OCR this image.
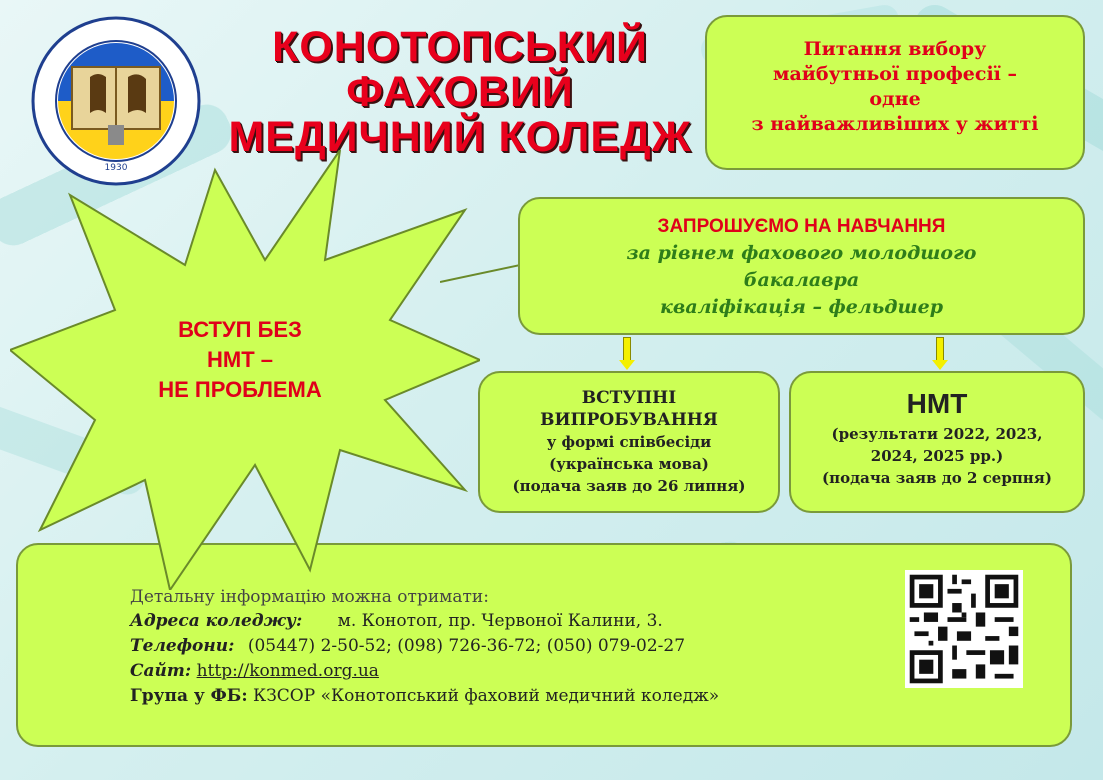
1930
КОНОТОПСЬКИЙ
ФАХОВИЙ
МЕДИЧНИЙ КОЛЕДЖ
Питання вибору
майбутньої професії –
одне
з найважливіших у житті
ВСТУП БЕЗ
НМТ –
НЕ ПРОБЛЕМА
ЗАПРОШУЄМО НА НАВЧАННЯ
за рівнем фахового молодшого
бакалавра
кваліфікація – фельдшер
ВСТУПНІ
ВИПРОБУВАННЯ
у формі співбесіди
(українська мова)
(подача заяв до 26 липня)
НМТ
(результати 2022, 2023,
2024, 2025 рр.)
(подача заяв до 2 серпня)
Детальну інформацію можна отримати:
Адреса коледжу: м. Конотоп, пр. Червоної Калини, 3.
Телефони: (05447) 2-50-52; (098) 726-36-72; (050) 079-02-27
Сайт: http://konmed.org.ua
Група у ФБ: КЗСОР «Конотопський фаховий медичний коледж»
